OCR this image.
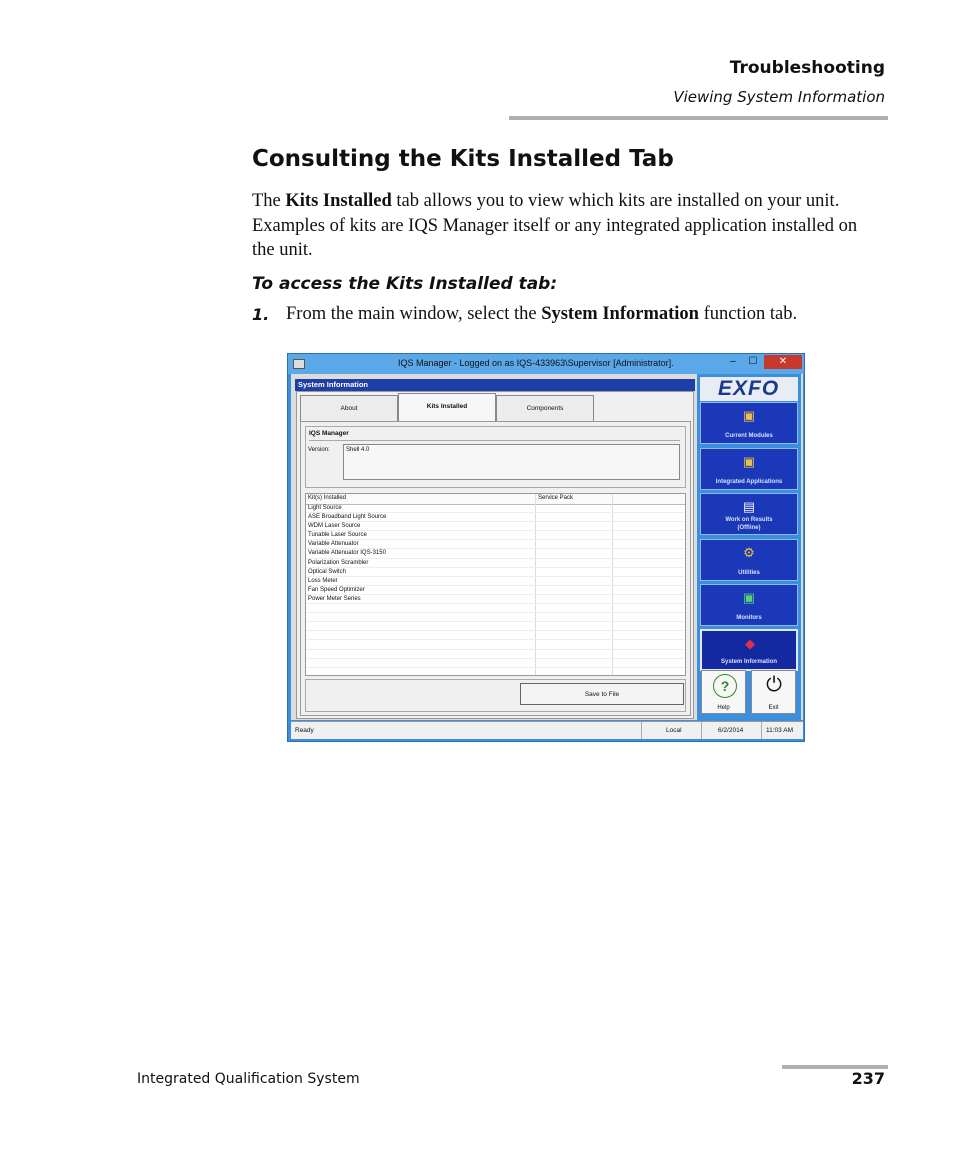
Troubleshooting
Viewing System Information
Consulting the Kits Installed Tab

The Kits Installed tab allows you to view which kits are installed on your unit. Examples of kits are IQS Manager itself or any integrated application installed on the unit.

To access the Kits Installed tab:
1. From the main window, select the System Information function tab.
IQS Manager - Logged on as IQS-433963\Supervisor [Administrator].	–	☐	✕
System Information
About	Kits Installed	Components
IQS Manager
Version:	Shell 4.0
Kit(s) Installed	Service Pack
Light Source
ASE Broadband Light Source
WDM Laser Source
Tunable Laser Source
Variable Attenuator
Variable Attenuator IQS-3150
Polarization Scrambler
Optical Switch
Loss Meter
Fan Speed Optimizer
Power Meter Series
Save to File
EXFO
▣
Current Modules
▣
Integrated Applications
▤
Work on Results (Offline)
⚙
Utilities
▣
Monitors
◆
System Information
?
Help
⏻
Exit
Ready	Local	6/2/2014	11:03 AM
Integrated Qualification System	237
